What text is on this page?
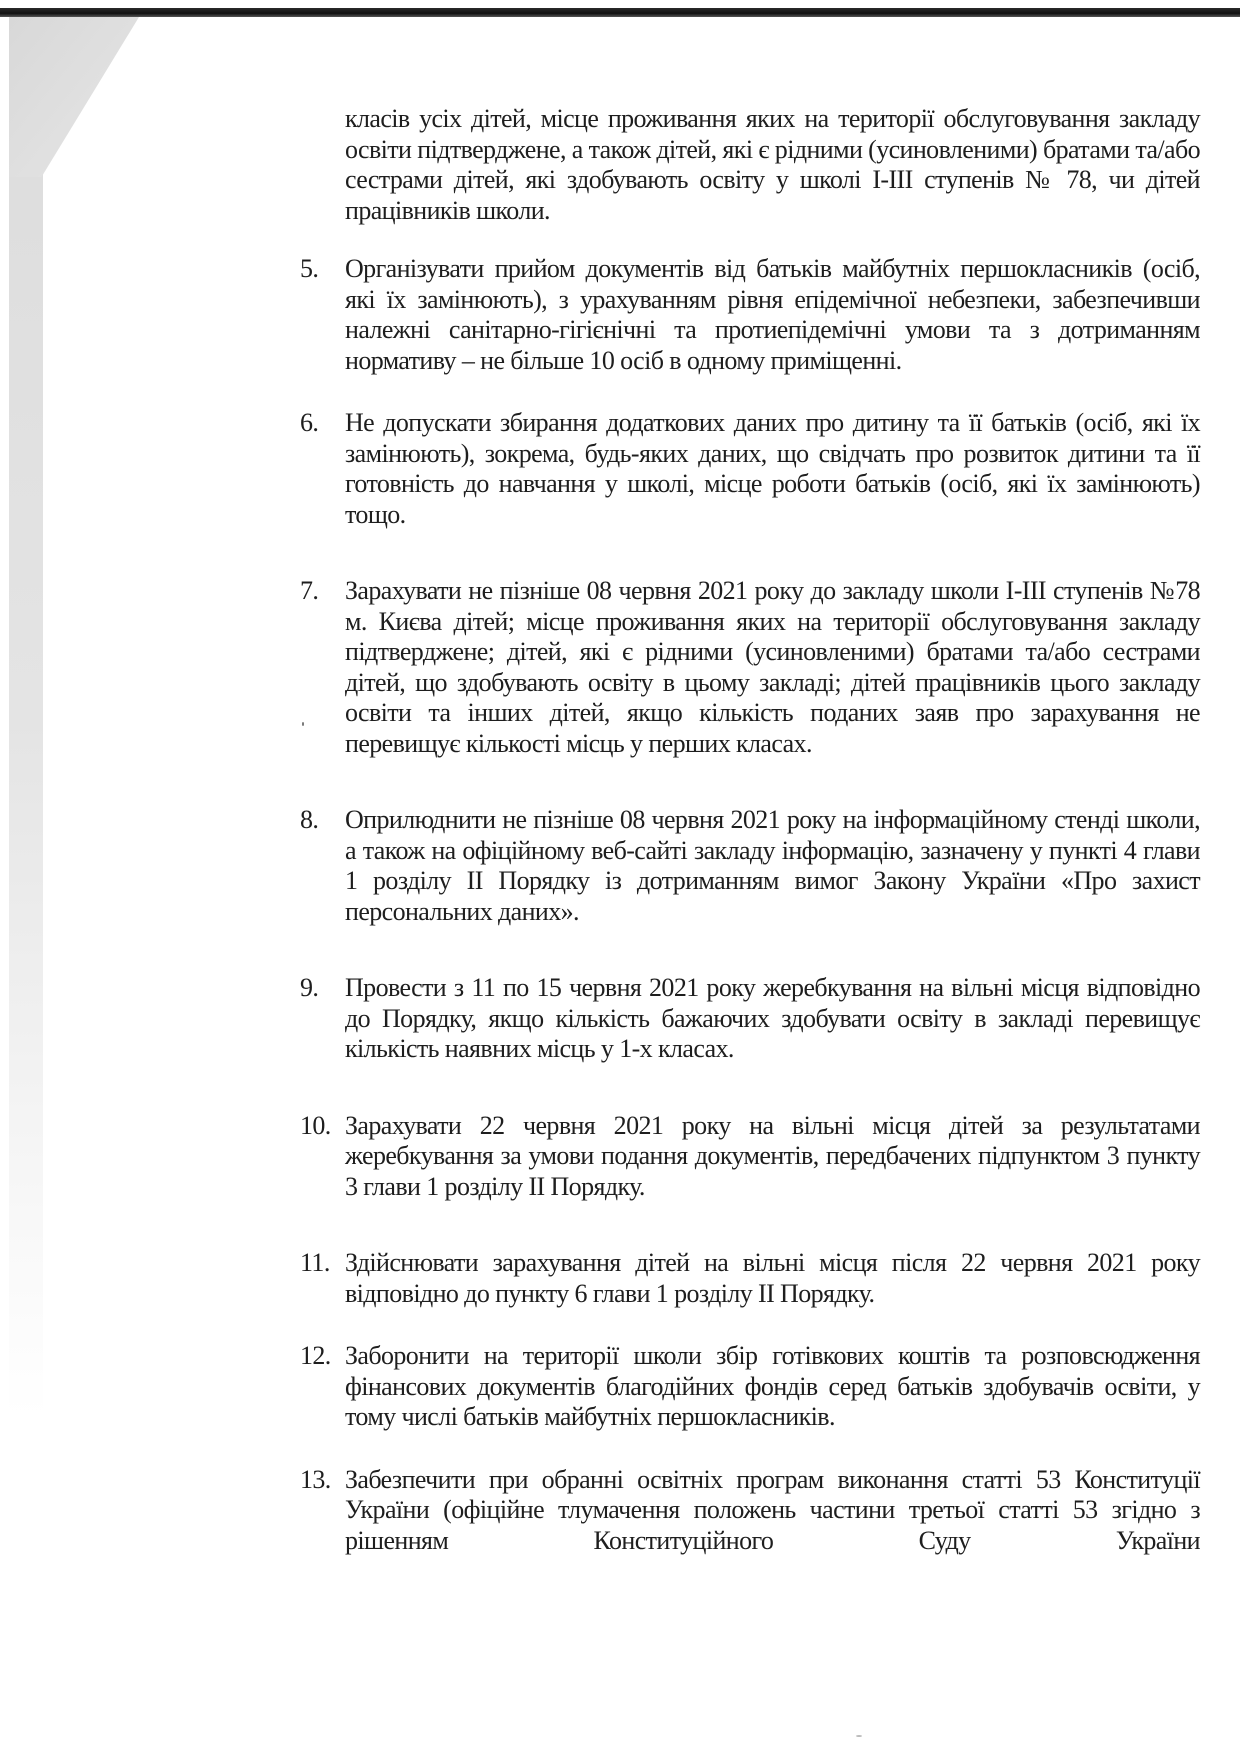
класів усіх дітей, місце проживання яких на території обслуговування закладу освіти підтверджене, а також дітей, які є рідними (усиновленими) братами та/або сестрами дітей, які здобувають освіту у школі І-ІІІ ступенів № 78, чи дітей працівників школи.

5.	Організувати прийом документів від батьків майбутніх першокласників (осіб, які їх замінюють), з урахуванням рівня епідемічної небезпеки, забезпечивши належні санітарно-гігієнічні та протиепідемічні умови та з дотриманням нормативу – не більше 10 осіб в одному приміщенні.
6.	Не допускати збирання додаткових даних про дитину та її батьків (осіб, які їх замінюють), зокрема, будь-яких даних, що свідчать про розвиток дитини та її готовність до навчання у школі, місце роботи батьків (осіб, які їх замінюють) тощо.
7.	Зарахувати не пізніше 08 червня 2021 року до закладу школи І-ІІІ ступенів №78 м. Києва дітей; місце проживання яких на території обслуговування закладу підтверджене; дітей, які є рідними (усиновленими) братами та/або сестрами дітей, що здобувають освіту в цьому закладі; дітей працівників цього закладу освіти та інших дітей, якщо кількість поданих заяв про зарахування не перевищує кількості місць у перших класах.
8.	Оприлюднити не пізніше 08 червня 2021 року на інформаційному стенді школи, а також на офіційному веб-сайті закладу інформацію, зазначену у пункті 4 глави 1 розділу ІІ Порядку із дотриманням вимог Закону України «Про захист персональних даних».
9.	Провести з 11 по 15 червня 2021 року жеребкування на вільні місця відповідно до Порядку, якщо кількість бажаючих здобувати освіту в закладі перевищує кількість наявних місць у 1-х класах.
10. Зарахувати 22 червня 2021 року на вільні місця дітей за результатами жеребкування за умови подання документів, передбачених підпунктом 3 пункту 3 глави 1 розділу ІІ Порядку.
11. Здійснювати зарахування дітей на вільні місця після 22 червня 2021 року відповідно до пункту 6 глави 1 розділу ІІ Порядку.
12. Заборонити на території школи збір готівкових коштів та розповсюдження фінансових документів благодійних фондів серед батьків здобувачів освіти, у тому числі батьків майбутніх першокласників.
13. Забезпечити при обранні освітніх програм виконання статті 53 Конституції України (офіційне тлумачення положень частини третьої статті 53 згідно з рішенням Конституційного Суду України
